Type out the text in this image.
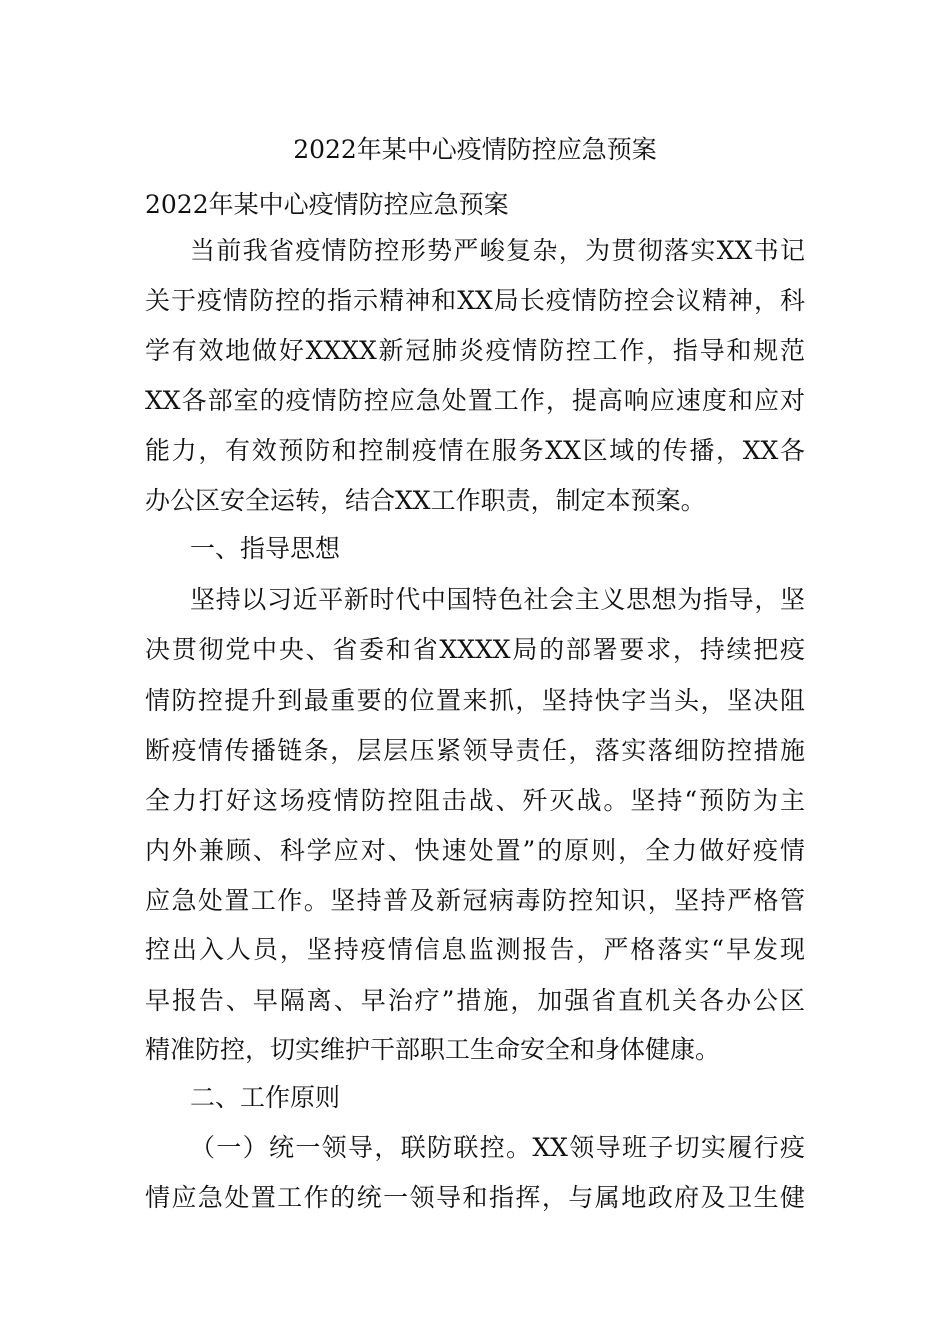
2022年某中心疫情防控应急预案
2022年某中心疫情防控应急预案
当前我省疫情防控形势严峻复杂，为贯彻落实XX书记
关于疫情防控的指示精神和XX局长疫情防控会议精神，科
学有效地做好XXXX新冠肺炎疫情防控工作，指导和规范
XX各部室的疫情防控应急处置工作，提高响应速度和应对
能力，有效预防和控制疫情在服务XX区域的传播，XX各
办公区安全运转，结合XX工作职责，制定本预案。
一、指导思想
坚持以习近平新时代中国特色社会主义思想为指导，坚
决贯彻党中央、省委和省XXXX局的部署要求，持续把疫
情防控提升到最重要的位置来抓，坚持快字当头，坚决阻
断疫情传播链条，层层压紧领导责任，落实落细防控措施
全力打好这场疫情防控阻击战、歼灭战。坚持“预防为主
内外兼顾、科学应对、快速处置”的原则，全力做好疫情
应急处置工作。坚持普及新冠病毒防控知识，坚持严格管
控出入人员，坚持疫情信息监测报告，严格落实“早发现
早报告、早隔离、早治疗”措施，加强省直机关各办公区
精准防控，切实维护干部职工生命安全和身体健康。
二、工作原则
（一）统一领导，联防联控。XX领导班子切实履行疫
情应急处置工作的统一领导和指挥，与属地政府及卫生健
